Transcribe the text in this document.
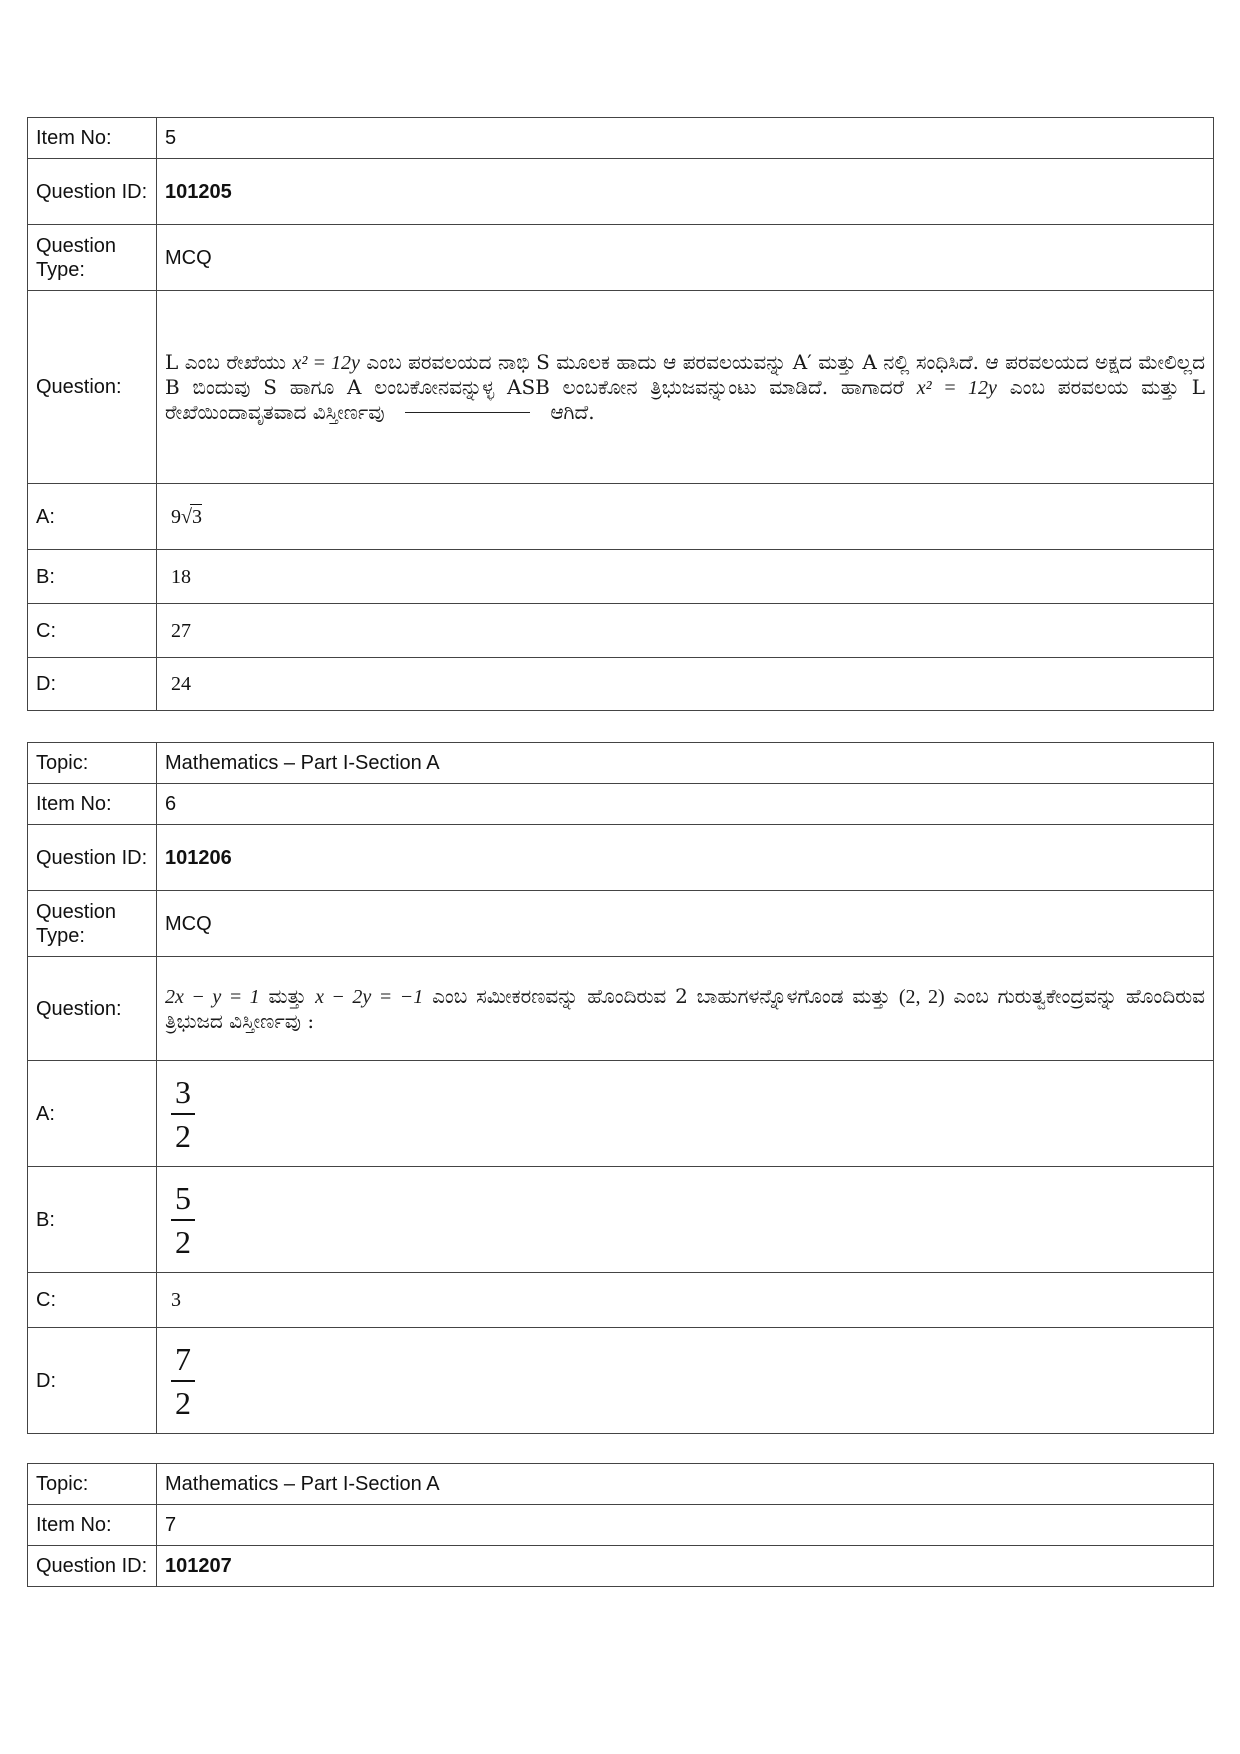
Item No:	5
Question ID:	101205
Question Type:	MCQ
Question:	L ಎಂಬ ರೇಖೆಯು x² = 12y ಎಂಬ ಪರವಲಯದ ನಾಭಿ S ಮೂಲಕ ಹಾದು ಆ ಪರವಲಯವನ್ನು A′ ಮತ್ತು A ನಲ್ಲಿ ಸಂಧಿಸಿದೆ. ಆ ಪರವಲಯದ ಅಕ್ಷದ ಮೇಲಿಲ್ಲದ B ಬಿಂದುವು S ಹಾಗೂ A ಲಂಬಕೋನವನ್ನುಳ್ಳ ASB ಲಂಬಕೋನ ತ್ರಿಭುಜವನ್ನುಂಟು ಮಾಡಿದೆ. ಹಾಗಾದರೆ x² = 12y ಎಂಬ ಪರವಲಯ ಮತ್ತು L ರೇಖೆಯಿಂದಾವೃತವಾದ ವಿಸ್ತೀರ್ಣವು ಆಗಿದೆ.
A:	9√3
B:	18
C:	27
D:	24
Topic:	Mathematics – Part I-Section A
Item No:	6
Question ID:	101206
Question Type:	MCQ
Question:	2x − y = 1 ಮತ್ತು x − 2y = −1 ಎಂಬ ಸಮೀಕರಣವನ್ನು ಹೊಂದಿರುವ 2 ಬಾಹುಗಳನ್ನೊಳಗೊಂಡ ಮತ್ತು (2, 2) ಎಂಬ ಗುರುತ್ವಕೇಂದ್ರವನ್ನು ಹೊಂದಿರುವ ತ್ರಿಭುಜದ ವಿಸ್ತೀರ್ಣವು :
A:	$\frac{3}{2}$

B:	$\frac{5}{2}$

C:	3
D:	$\frac{7}{2}$
Topic:	Mathematics – Part I-Section A
Item No:	7
Question ID:	101207
